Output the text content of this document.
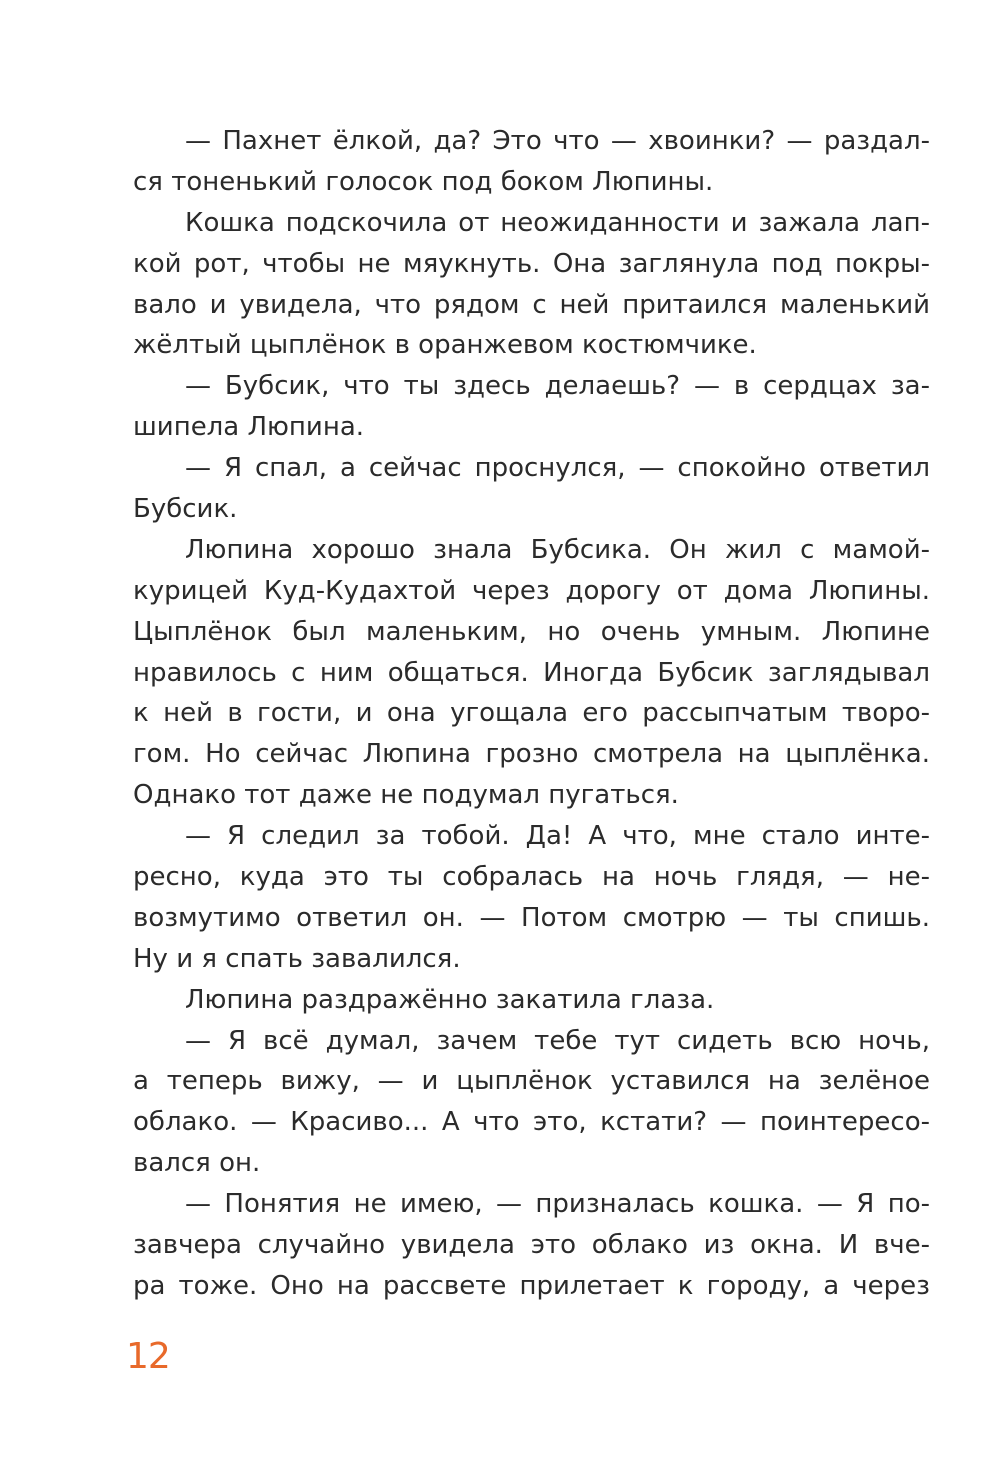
— Пахнет ёлкой, да? Это что — хвоинки? — раздал-
ся тоненький голосок под боком Люпины.
Кошка подскочила от неожиданности и зажала лап-
кой рот, чтобы не мяукнуть. Она заглянула под покры-
вало и увидела, что рядом с ней притаился маленький
жёлтый цыплёнок в оранжевом костюмчике.
— Бубсик, что ты здесь делаешь? — в сердцах за-
шипела Люпина.
— Я спал, а сейчас проснулся, — спокойно ответил
Бубсик.
Люпина хорошо знала Бубсика. Он жил с мамой-
курицей Куд-Кудахтой через дорогу от дома Люпины.
Цыплёнок был маленьким, но очень умным. Люпине
нравилось с ним общаться. Иногда Бубсик заглядывал
к ней в гости, и она угощала его рассыпчатым творо-
гом. Но сейчас Люпина грозно смотрела на цыплёнка.
Однако тот даже не подумал пугаться.
— Я следил за тобой. Да! А что, мне стало инте-
ресно, куда это ты собралась на ночь глядя, — не-
возмутимо ответил он. — Потом смотрю — ты спишь.
Ну и я спать завалился.
Люпина раздражённо закатила глаза.
— Я всё думал, зачем тебе тут сидеть всю ночь,
а теперь вижу, — и цыплёнок уставился на зелёное
облако. — Красиво... А что это, кстати? — поинтересо-
вался он.
— Понятия не имею, — призналась кошка. — Я по-
завчера случайно увидела это облако из окна. И вче-
ра тоже. Оно на рассвете прилетает к городу, а через
12
